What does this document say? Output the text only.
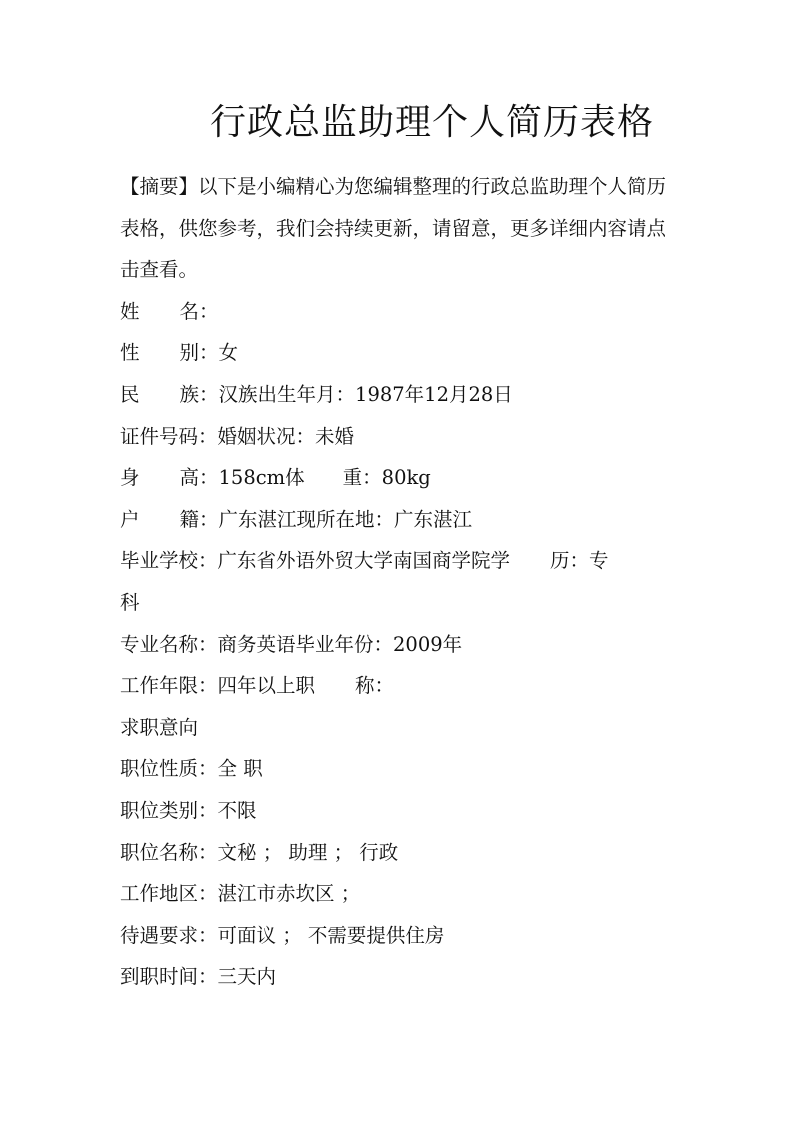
行政总监助理个人简历表格

【摘要】以下是小编精心为您编辑整理的行政总监助理个人简历表格，供您参考，我们会持续更新，请留意，更多详细内容请点击查看。

姓 名：

性 别：女

民 族：汉族出生年月：1987年12月28日

证件号码：婚姻状况：未婚

身 高：158cm体 重：80kg

户 籍：广东湛江现所在地：广东湛江

毕业学校：广东省外语外贸大学南国商学院学 历：专

科

专业名称：商务英语毕业年份：2009年

工作年限：四年以上职 称：

求职意向

职位性质：全 职

职位类别：不限

职位名称：文秘 ； 助理 ； 行政

工作地区：湛江市赤坎区 ；

待遇要求：可面议 ； 不需要提供住房

到职时间：三天内
